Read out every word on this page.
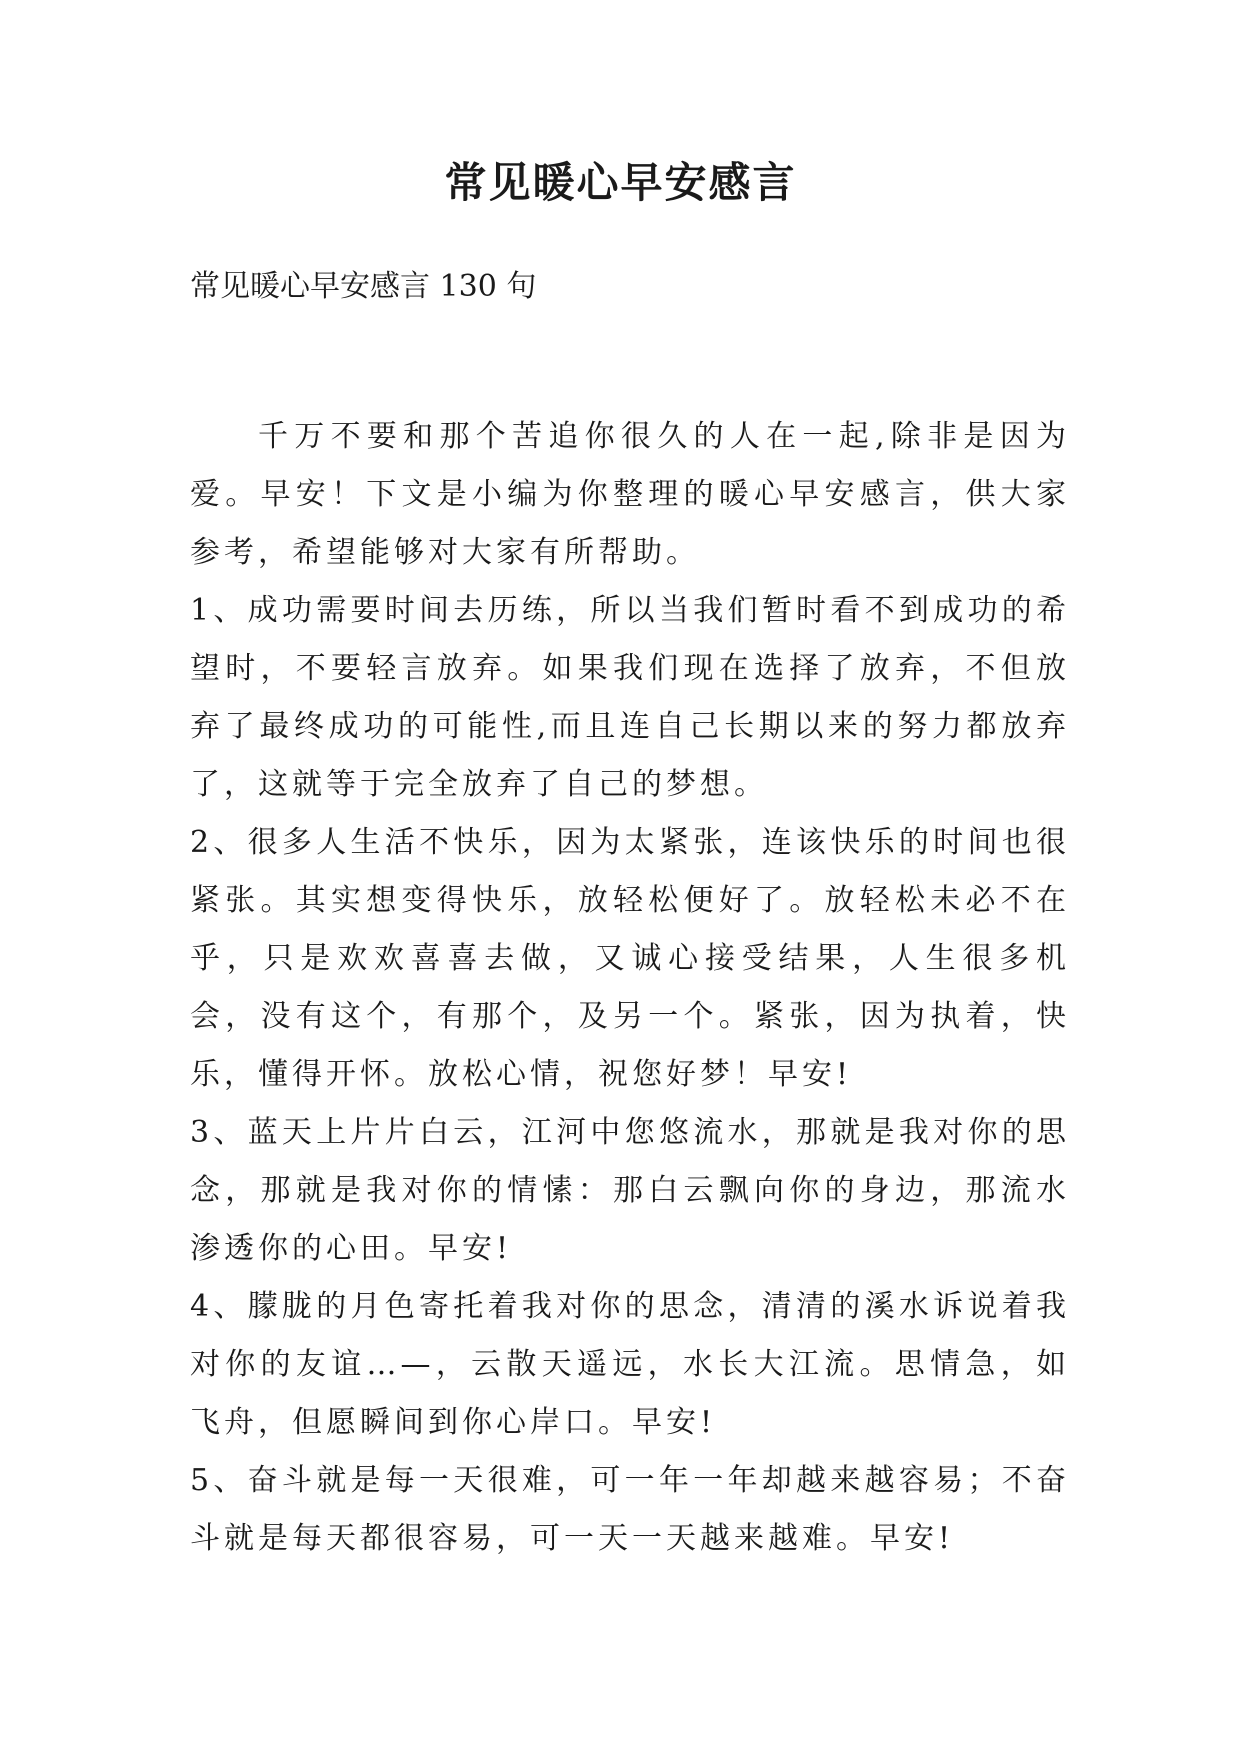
常见暖心早安感言
常见暖心早安感言 130 句

千万不要和那个苦追你很久的人在一起,除非是因为爱。早安！下文是小编为你整理的暖心早安感言，供大家参考，希望能够对大家有所帮助。

1、成功需要时间去历练，所以当我们暂时看不到成功的希望时，不要轻言放弃。如果我们现在选择了放弃，不但放弃了最终成功的可能性,而且连自己长期以来的努力都放弃了，这就等于完全放弃了自己的梦想。

2、很多人生活不快乐，因为太紧张，连该快乐的时间也很紧张。其实想变得快乐，放轻松便好了。放轻松未必不在乎，只是欢欢喜喜去做，又诚心接受结果，人生很多机会，没有这个，有那个，及另一个。紧张，因为执着，快乐，懂得开怀。放松心情，祝您好梦！早安!

3、蓝天上片片白云，江河中您悠流水，那就是我对你的思念，那就是我对你的情愫：那白云飘向你的身边，那流水渗透你的心田。早安!

4、朦胧的月色寄托着我对你的思念，清清的溪水诉说着我对你的友谊…—，云散天遥远，水长大江流。思情急，如飞舟，但愿瞬间到你心岸口。早安!

5、奋斗就是每一天很难，可一年一年却越来越容易；不奋斗就是每天都很容易，可一天一天越来越难。早安!
